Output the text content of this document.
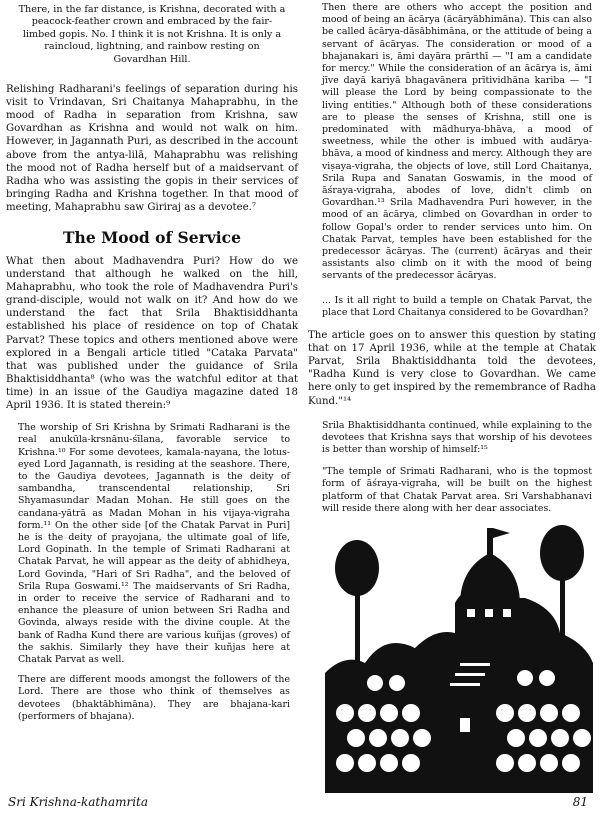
There, in the far distance, is Krishna, decorated with a peacock-feather crown and embraced by the fair-limbed gopis. No. I think it is not Krishna. It is only a raincloud, lightning, and rainbow resting on Govardhan Hill.

Relishing Radharani's feelings of separation during his visit to Vrindavan, Sri Chaitanya Mahaprabhu, in the mood of Radha in separation from Krishna, saw Govardhan as Krishna and would not walk on him. However, in Jagannath Puri, as described in the account above from the antya-lilā, Mahaprabhu was relishing the mood not of Radha herself but of a maidservant of Radha who was assisting the gopis in their services of bringing Radha and Krishna together. In that mood of meeting, Mahaprabhu saw Giriraj as a devotee.⁷

The Mood of Service

What then about Madhavendra Puri? How do we understand that although he walked on the hill, Mahaprabhu, who took the role of Madhavendra Puri's grand-disciple, would not walk on it? And how do we understand the fact that Srila Bhaktisiddhanta established his place of residence on top of Chatak Parvat? These topics and others mentioned above were explored in a Bengali article titled "Cataka Parvata" that was published under the guidance of Srila Bhaktisiddhanta⁸ (who was the watchful editor at that time) in an issue of the Gaudiya magazine dated 18 April 1936. It is stated therein:⁹

The worship of Sri Krishna by Srimati Radharani is the real anukūla-krsnānu-śīlana, favorable service to Krishna.¹⁰ For some devotees, kamala-nayana, the lotus-eyed Lord Jagannath, is residing at the seashore. There, to the Gaudiya devotees, Jagannath is the deity of sambandha, transcendental relationship, Sri Shyamasundar Madan Mohan. He still goes on the candana-yātrā as Madan Mohan in his vijaya-vigraha form.¹¹ On the other side [of the Chatak Parvat in Puri] he is the deity of prayojana, the ultimate goal of life, Lord Gopinath. In the temple of Srimati Radharani at Chatak Parvat, he will appear as the deity of abhidheya, Lord Govinda, "Hari of Sri Radha", and the beloved of Srila Rupa Goswami.¹² The maidservants of Sri Radha, in order to receive the service of Radharani and to enhance the pleasure of union between Sri Radha and Govinda, always reside with the divine couple. At the bank of Radha Kund there are various kuñjas (groves) of the sakhis. Similarly they have their kuñjas here at Chatak Parvat as well.

There are different moods amongst the followers of the Lord. There are those who think of themselves as devotees (bhaktābhimāna). They are bhajana-kari (performers of bhajana).

Then there are others who accept the position and mood of being an ācārya (ācāryābhimāna). This can also be called ācārya-dāsābhimāna, or the attitude of being a servant of ācāryas. The consideration or mood of a bhajanakari is, āmi dayāra prārthī — "I am a candidate for mercy." While the consideration of an ācārya is, āmi jīve dayā kariyā bhagavānera prītividhāna kariba — "I will please the Lord by being compassionate to the living entities." Although both of these considerations are to please the senses of Krishna, still one is predominated with mādhurya-bhāva, a mood of sweetness, while the other is imbued with audārya-bhāva, a mood of kindness and mercy. Although they are viṣaya-vigraha, the objects of love, still Lord Chaitanya, Srila Rupa and Sanatan Goswamis, in the mood of āśraya-vigraha, abodes of love, didn't climb on Govardhan.¹³ Srila Madhavendra Puri however, in the mood of an ācārya, climbed on Govardhan in order to follow Gopal's order to render services unto him. On Chatak Parvat, temples have been established for the predecessor ācāryas. The (current) ācāryas and their assistants also climb on it with the mood of being servants of the predecessor ācāryas.

... Is it all right to build a temple on Chatak Parvat, the place that Lord Chaitanya considered to be Govardhan?

The article goes on to answer this question by stating that on 17 April 1936, while at the temple at Chatak Parvat, Srila Bhaktisiddhanta told the devotees, "Radha Kund is very close to Govardhan. We came here only to get inspired by the remembrance of Radha Kund."¹⁴

Srila Bhaktisiddhanta continued, while explaining to the devotees that Krishna says that worship of his devotees is better than worship of himself:¹⁵

"The temple of Srimati Radharani, who is the topmost form of āśraya-vigraha, will be built on the highest platform of that Chatak Parvat area. Sri Varshabhanavi will reside there along with her dear associates.

Sri Krishna-kathamrita	81
